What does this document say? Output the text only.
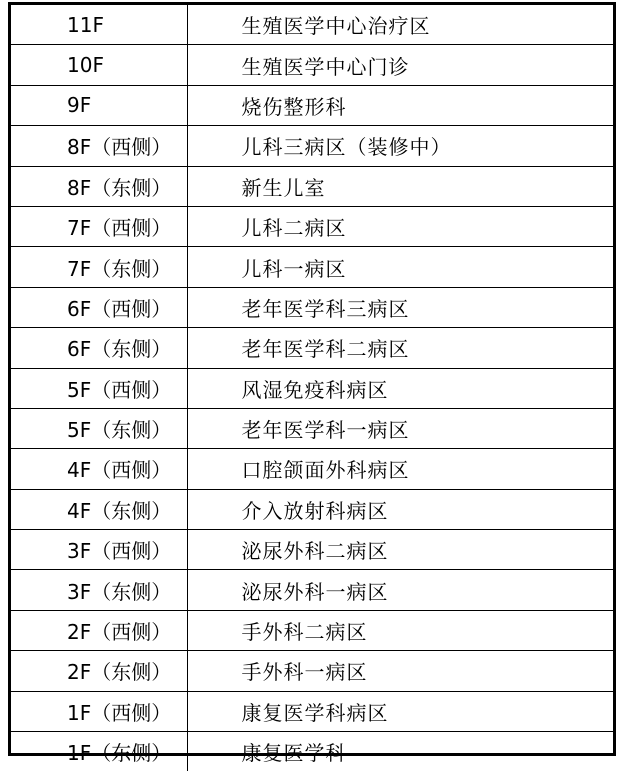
11F	生殖医学中心治疗区
10F	生殖医学中心门诊
9F	烧伤整形科
8F（西侧）	儿科三病区（装修中）
8F（东侧）	新生儿室
7F（西侧）	儿科二病区
7F（东侧）	儿科一病区
6F（西侧）	老年医学科三病区
6F（东侧）	老年医学科二病区
5F（西侧）	风湿免疫科病区
5F（东侧）	老年医学科一病区
4F（西侧）	口腔颌面外科病区
4F（东侧）	介入放射科病区
3F（西侧）	泌尿外科二病区
3F（东侧）	泌尿外科一病区
2F（西侧）	手外科二病区
2F（东侧）	手外科一病区
1F（西侧）	康复医学科病区
1F（东侧）	康复医学科
